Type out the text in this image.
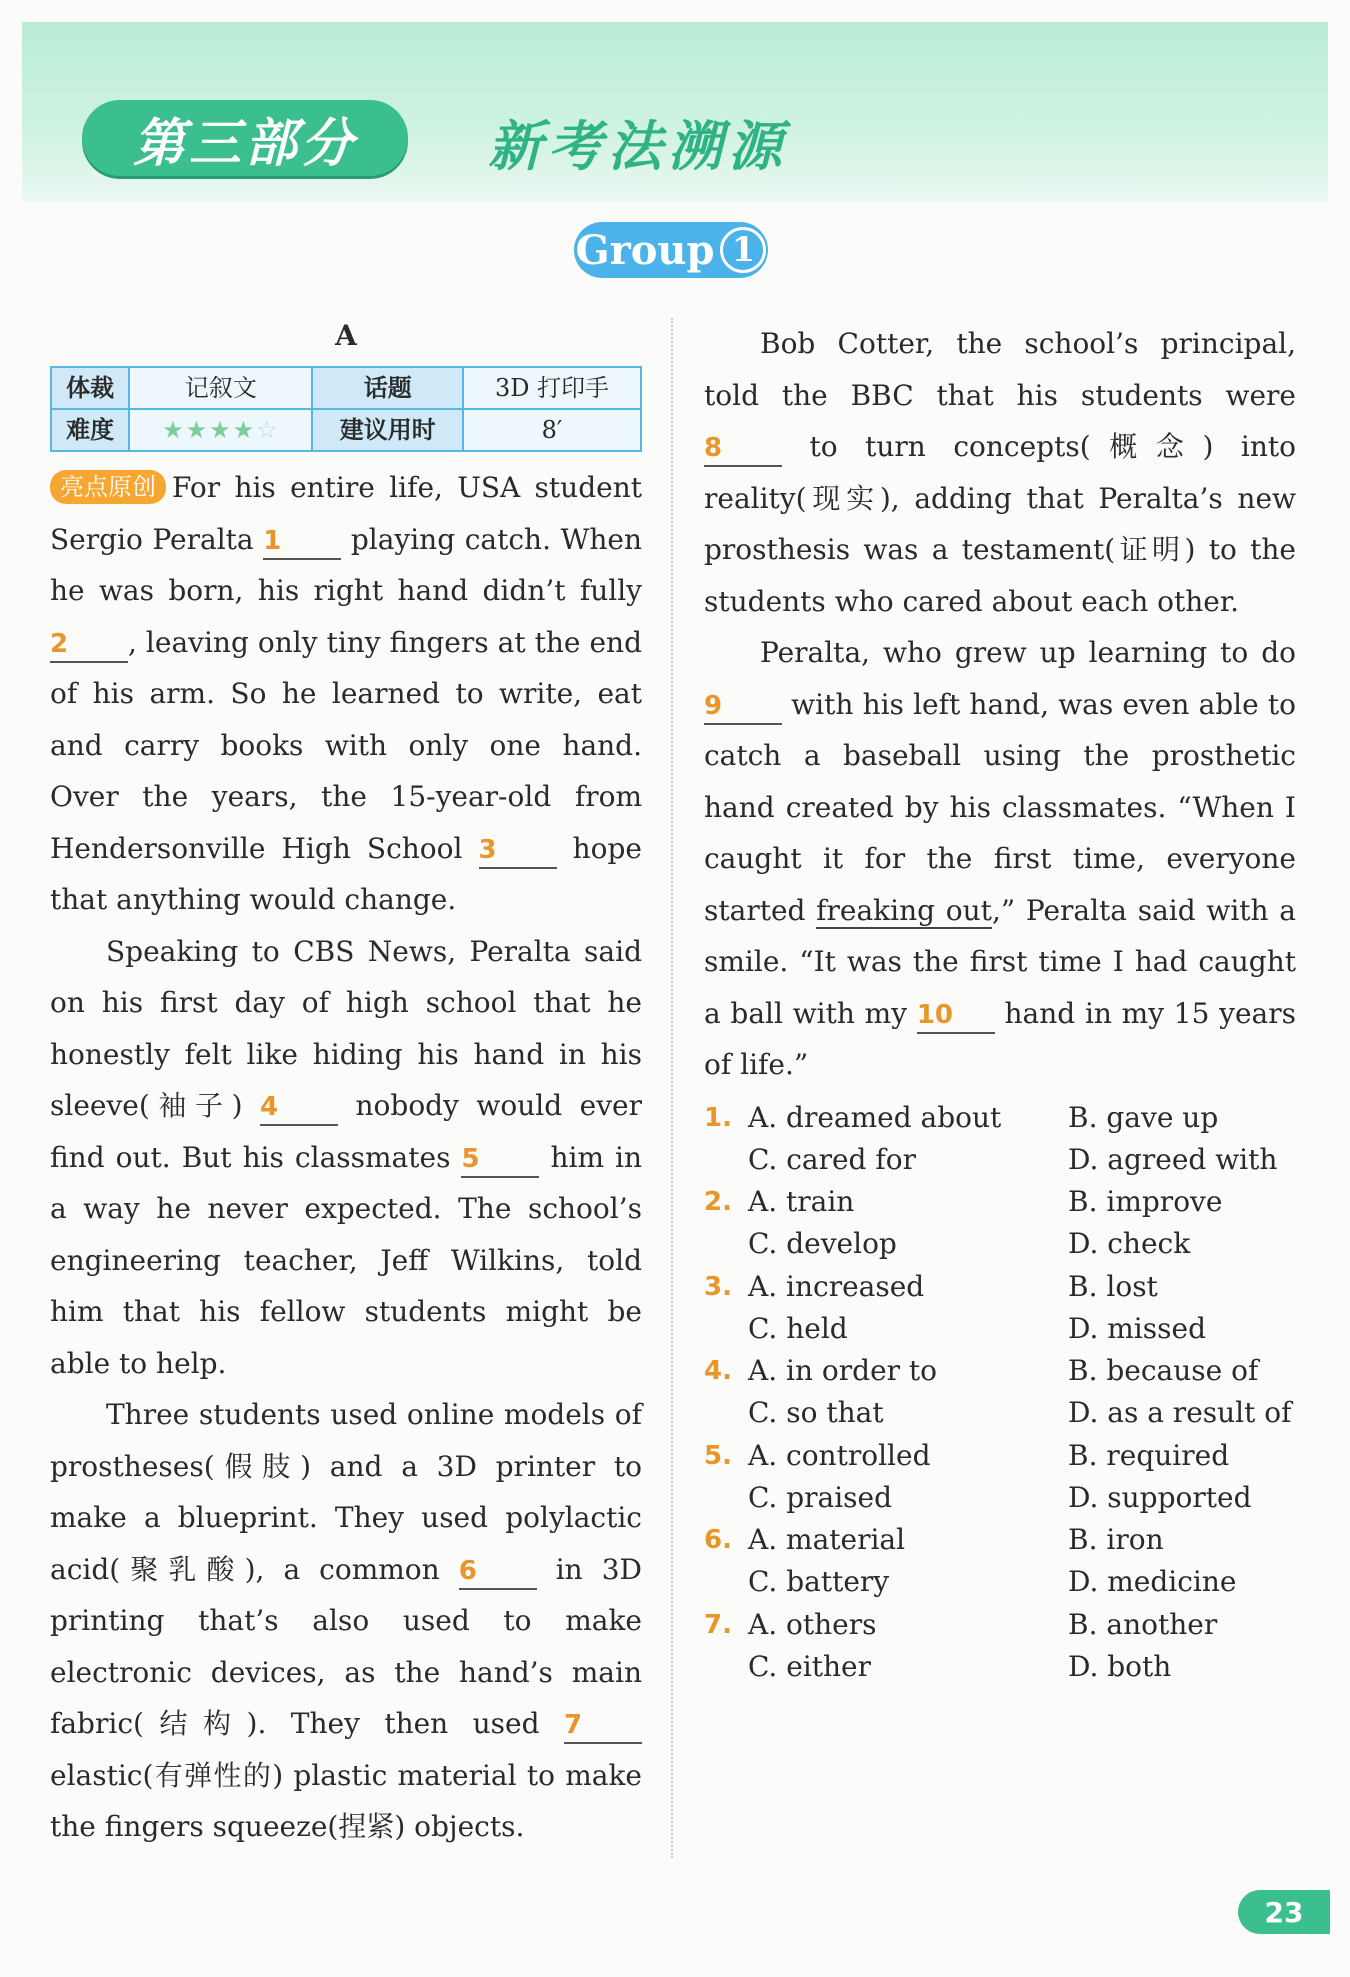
第三部分	新考法溯源
Group 1
A
体裁	记叙文	话题	3D 打印手
难度	★★★★☆	建议用时	8′

亮点原创 For his entire life, USA student Sergio Peralta 1 playing catch. When he was born, his right hand didn’t fully 2 , leaving only tiny fingers at the end of his arm. So he learned to write, eat and carry books with only one hand. Over the years, the 15-year-old from Hendersonville High School 3 hope that anything would change.

Speaking to CBS News, Peralta said on his first day of high school that he honestly felt like hiding his hand in his sleeve(袖子) 4 nobody would ever find out. But his classmates 5 him in a way he never expected. The school’s engineering teacher, Jeff Wilkins, told him that his fellow students might be able to help.

Three students used online models of prostheses(假肢) and a 3D printer to make a blueprint. They used polylactic acid(聚乳酸), a common 6 in 3D printing that’s also used to make electronic devices, as the hand’s main fabric(结构). They then used 7 elastic(有弹性的) plastic material to make the fingers squeeze(捏紧) objects.

Bob Cotter, the school’s principal, told the BBC that his students were 8 to turn concepts(概念) into reality(现实), adding that Peralta’s new prosthesis was a testament(证明) to the students who cared about each other.

Peralta, who grew up learning to do 9 with his left hand, was even able to catch a baseball using the prosthetic hand created by his classmates. “When I caught it for the first time, everyone started freaking out,” Peralta said with a smile. “It was the first time I had caught a ball with my 10 hand in my 15 years of life.”

1. A. dreamed about	B. gave up
C. cared for	D. agreed with
2. A. train	B. improve
C. develop	D. check
3. A. increased	B. lost
C. held	D. missed
4. A. in order to	B. because of
C. so that	D. as a result of
5. A. controlled	B. required
C. praised	D. supported
6. A. material	B. iron
C. battery	D. medicine
7. A. others	B. another
C. either	D. both
23
